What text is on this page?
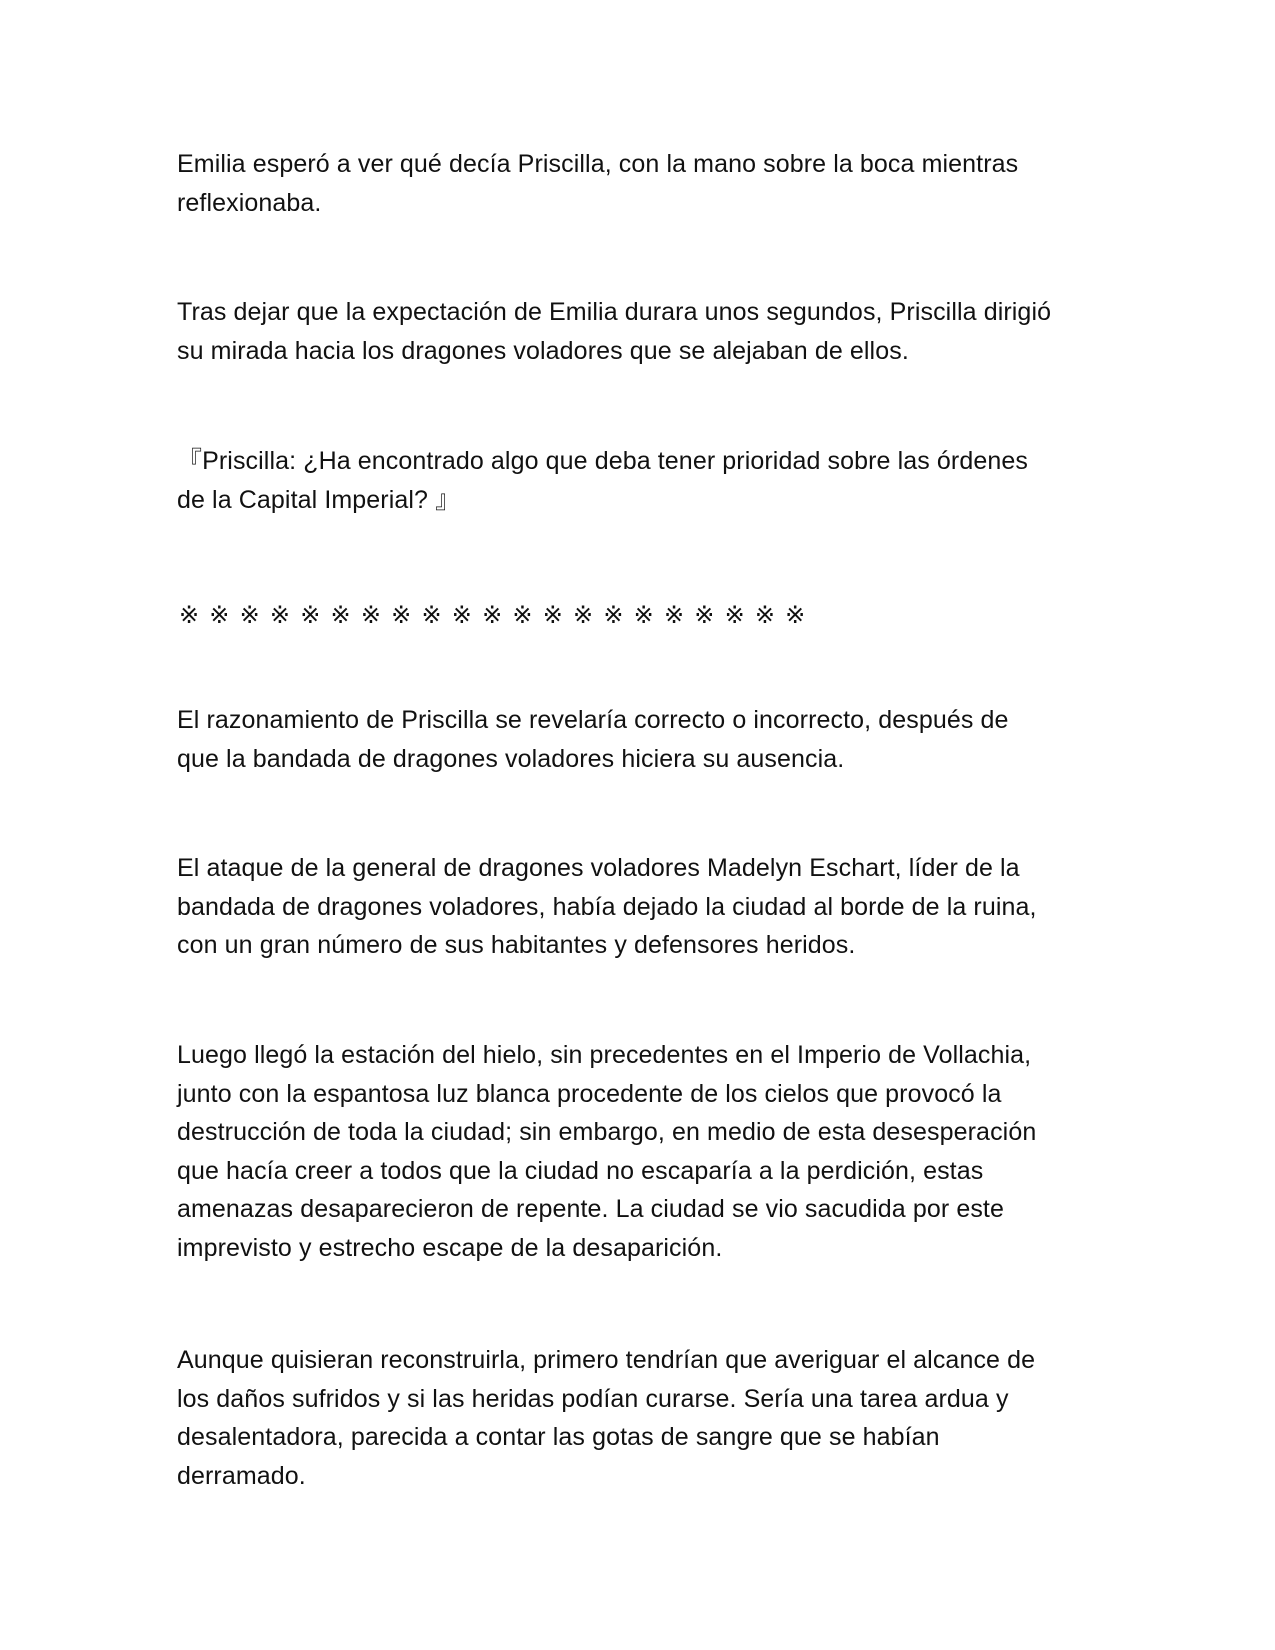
Emilia esperó a ver qué decía Priscilla, con la mano sobre la boca mientras
reflexionaba.

Tras dejar que la expectación de Emilia durara unos segundos, Priscilla dirigió
su mirada hacia los dragones voladores que se alejaban de ellos.

『Priscilla: ¿Ha encontrado algo que deba tener prioridad sobre las órdenes
de la Capital Imperial? 』

※※※※※※※※※※※※※※※※※※※※※

El razonamiento de Priscilla se revelaría correcto o incorrecto, después de
que la bandada de dragones voladores hiciera su ausencia.

El ataque de la general de dragones voladores Madelyn Eschart, líder de la
bandada de dragones voladores, había dejado la ciudad al borde de la ruina,
con un gran número de sus habitantes y defensores heridos.

Luego llegó la estación del hielo, sin precedentes en el Imperio de Vollachia,
junto con la espantosa luz blanca procedente de los cielos que provocó la
destrucción de toda la ciudad; sin embargo, en medio de esta desesperación
que hacía creer a todos que la ciudad no escaparía a la perdición, estas
amenazas desaparecieron de repente. La ciudad se vio sacudida por este
imprevisto y estrecho escape de la desaparición.

Aunque quisieran reconstruirla, primero tendrían que averiguar el alcance de
los daños sufridos y si las heridas podían curarse. Sería una tarea ardua y
desalentadora, parecida a contar las gotas de sangre que se habían
derramado.
